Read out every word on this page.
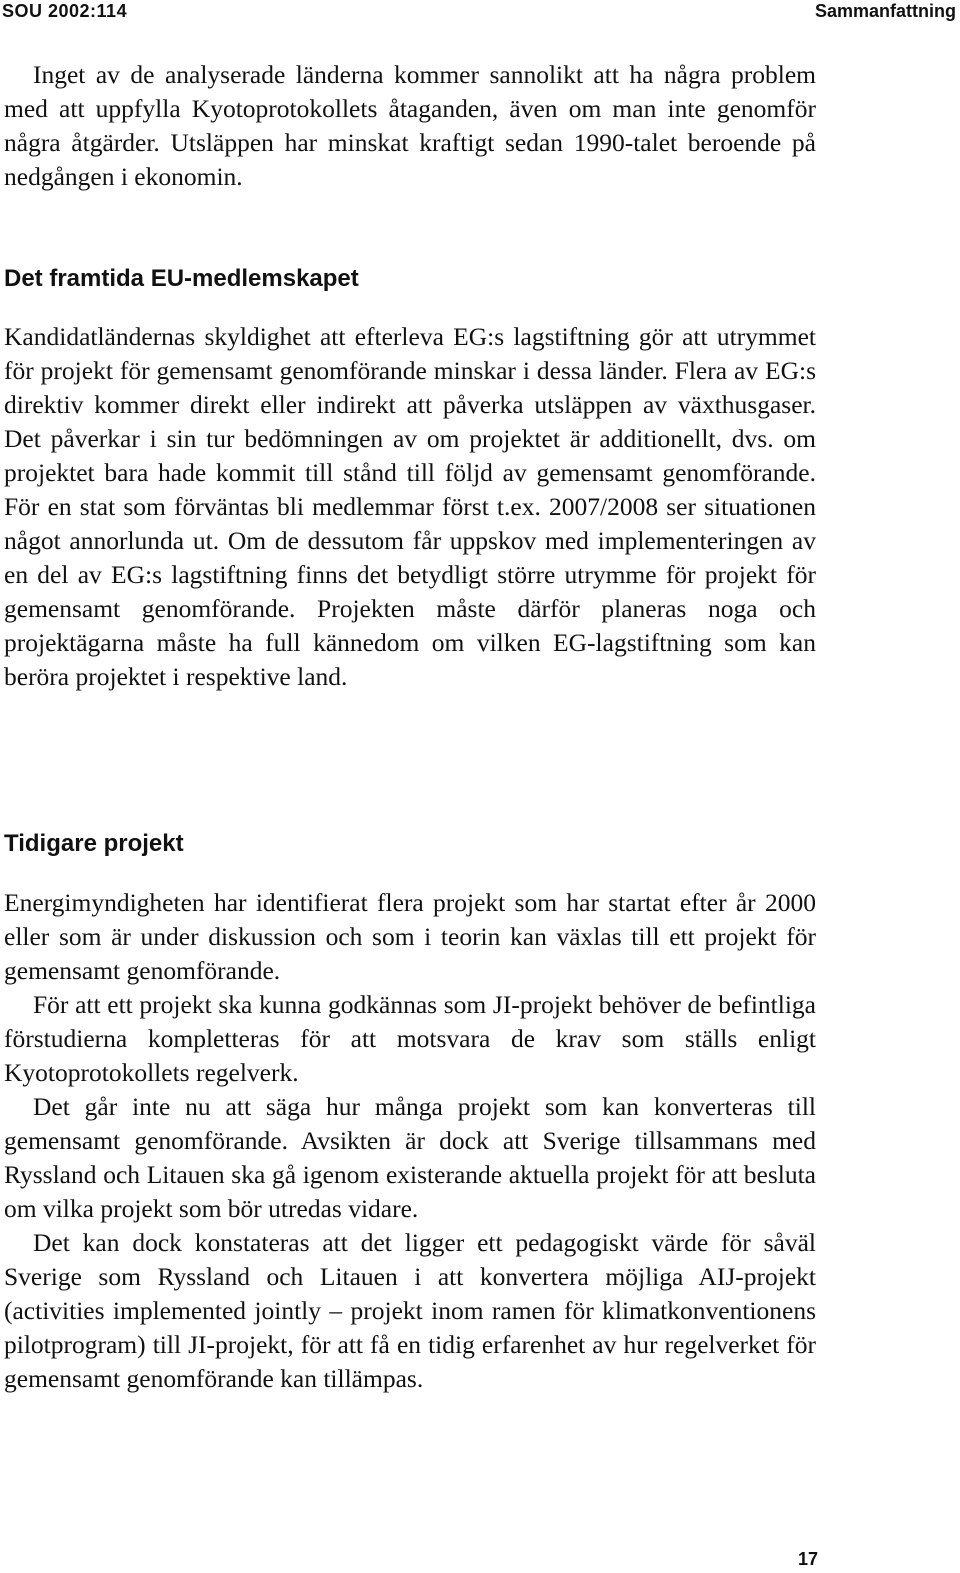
SOU 2002:114	Sammanfattning

Inget av de analyserade länderna kommer sannolikt att ha några problem med att uppfylla Kyotoprotokollets åtaganden, även om man inte genomför några åtgärder. Utsläppen har minskat kraftigt sedan 1990-talet beroende på nedgången i ekonomin.

Det framtida EU-medlemskapet

Kandidatländernas skyldighet att efterleva EG:s lagstiftning gör att utrymmet för projekt för gemensamt genomförande minskar i dessa länder. Flera av EG:s direktiv kommer direkt eller indirekt att påverka utsläppen av växthusgaser. Det påverkar i sin tur bedömningen av om projektet är additionellt, dvs. om projektet bara hade kommit till stånd till följd av gemensamt genomförande. För en stat som förväntas bli medlemmar först t.ex. 2007/2008 ser situationen något annorlunda ut. Om de dessutom får uppskov med implementeringen av en del av EG:s lagstiftning finns det betydligt större utrymme för projekt för gemensamt genomförande. Projekten måste därför planeras noga och projektägarna måste ha full kännedom om vilken EG-lagstiftning som kan beröra projektet i respektive land.

Tidigare projekt

Energimyndigheten har identifierat flera projekt som har startat efter år 2000 eller som är under diskussion och som i teorin kan växlas till ett projekt för gemensamt genomförande.

För att ett projekt ska kunna godkännas som JI-projekt behöver de befintliga förstudierna kompletteras för att motsvara de krav som ställs enligt Kyotoprotokollets regelverk.

Det går inte nu att säga hur många projekt som kan konverteras till gemensamt genomförande. Avsikten är dock att Sverige tillsammans med Ryssland och Litauen ska gå igenom existerande aktuella projekt för att besluta om vilka projekt som bör utredas vidare.

Det kan dock konstateras att det ligger ett pedagogiskt värde för såväl Sverige som Ryssland och Litauen i att konvertera möjliga AIJ-projekt (activities implemented jointly – projekt inom ramen för klimatkonventionens pilotprogram) till JI-projekt, för att få en tidig erfarenhet av hur regelverket för gemensamt genomförande kan tillämpas.

17
